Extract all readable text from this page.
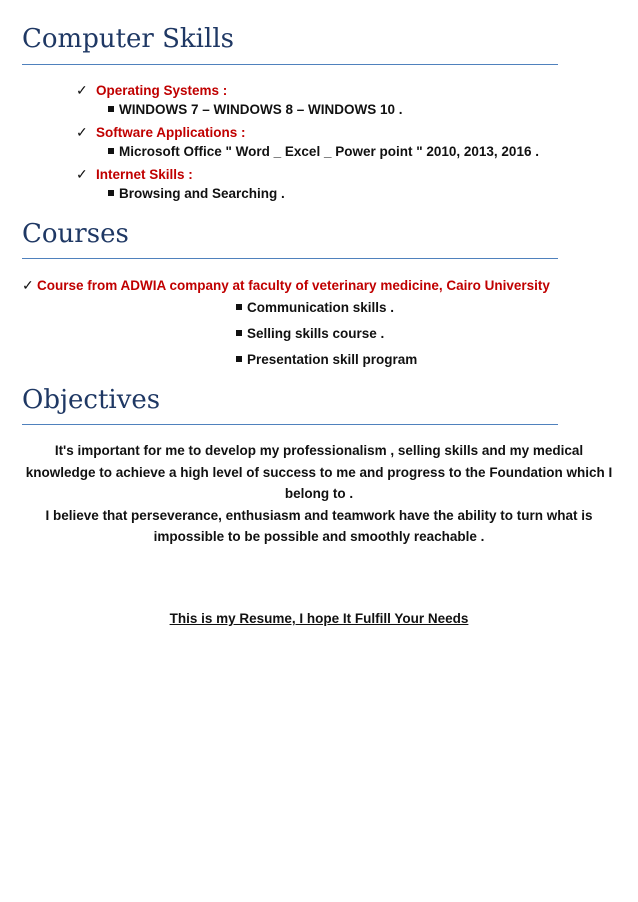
Computer Skills
✓ Operating Systems :
WINDOWS 7 – WINDOWS 8 – WINDOWS 10 .
✓ Software Applications :
Microsoft Office " Word _ Excel _ Power point " 2010, 2013, 2016 .
✓ Internet Skills :
Browsing and Searching .
Courses
✓ Course from ADWIA company at faculty of veterinary medicine, Cairo University
Communication skills .
Selling skills course .
Presentation skill program
Objectives
It's important for me to develop my professionalism , selling skills and my medical knowledge to achieve a high level of success to me and progress to the Foundation which I belong to .
I believe that perseverance, enthusiasm and teamwork have the ability to turn what is impossible to be possible and smoothly reachable .
This is my Resume, I hope It Fulfill Your Needs
